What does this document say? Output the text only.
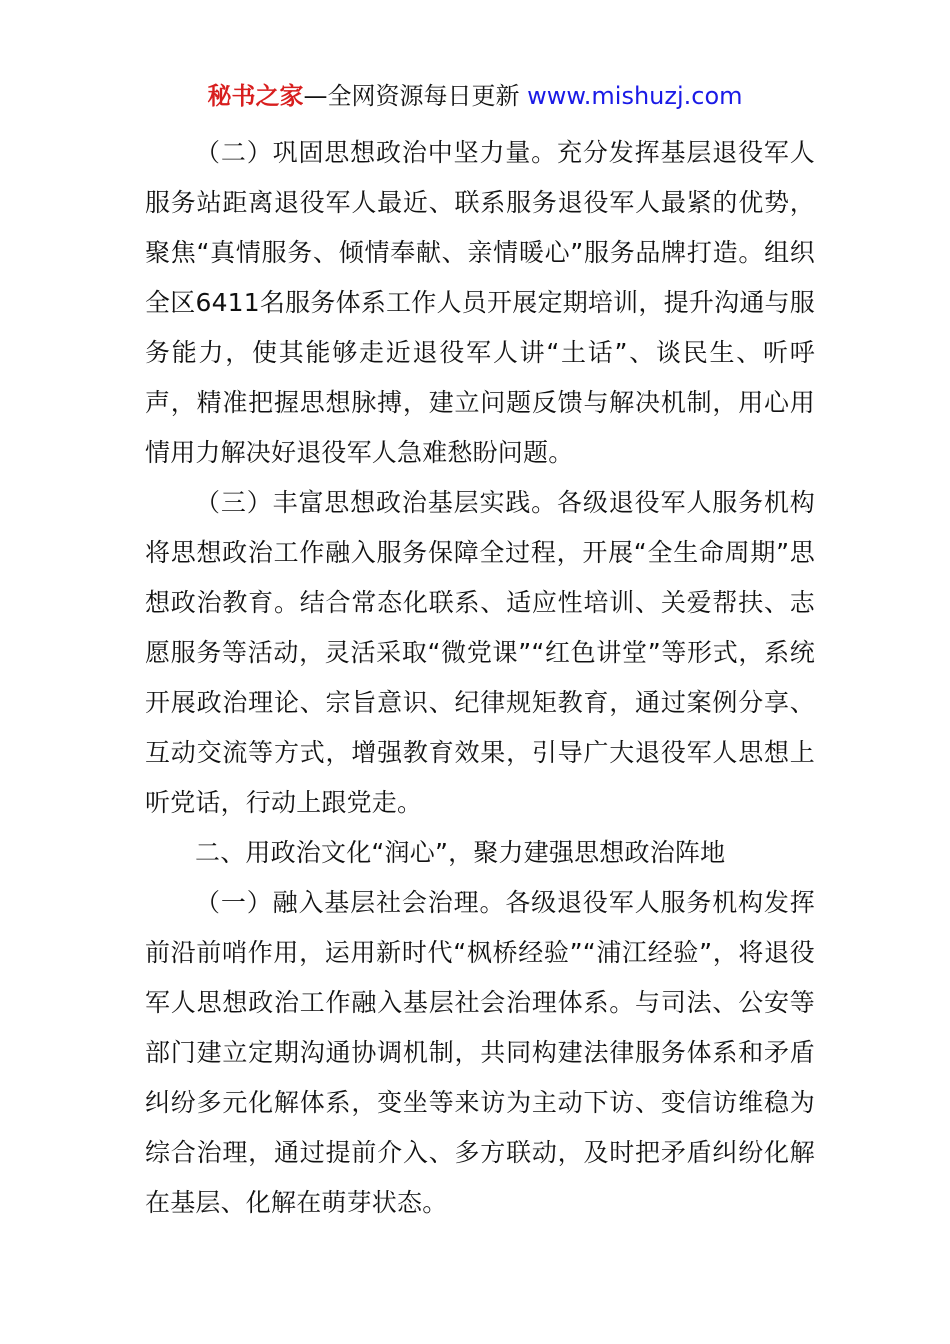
秘书之家—全网资源每日更新 www.mishuzj.com

（二）巩固思想政治中坚力量。充分发挥基层退役军人服务站距离退役军人最近、联系服务退役军人最紧的优势，聚焦“真情服务、倾情奉献、亲情暖心”服务品牌打造。组织全区6411名服务体系工作人员开展定期培训，提升沟通与服务能力，使其能够走近退役军人讲“土话”、谈民生、听呼声，精准把握思想脉搏，建立问题反馈与解决机制，用心用情用力解决好退役军人急难愁盼问题。

（三）丰富思想政治基层实践。各级退役军人服务机构将思想政治工作融入服务保障全过程，开展“全生命周期”思想政治教育。结合常态化联系、适应性培训、关爱帮扶、志愿服务等活动，灵活采取“微党课”“红色讲堂”等形式，系统开展政治理论、宗旨意识、纪律规矩教育，通过案例分享、互动交流等方式，增强教育效果，引导广大退役军人思想上听党话，行动上跟党走。

二、用政治文化“润心”，聚力建强思想政治阵地

（一）融入基层社会治理。各级退役军人服务机构发挥前沿前哨作用，运用新时代“枫桥经验”“浦江经验”，将退役军人思想政治工作融入基层社会治理体系。与司法、公安等部门建立定期沟通协调机制，共同构建法律服务体系和矛盾纠纷多元化解体系，变坐等来访为主动下访、变信访维稳为综合治理，通过提前介入、多方联动，及时把矛盾纠纷化解在基层、化解在萌芽状态。
